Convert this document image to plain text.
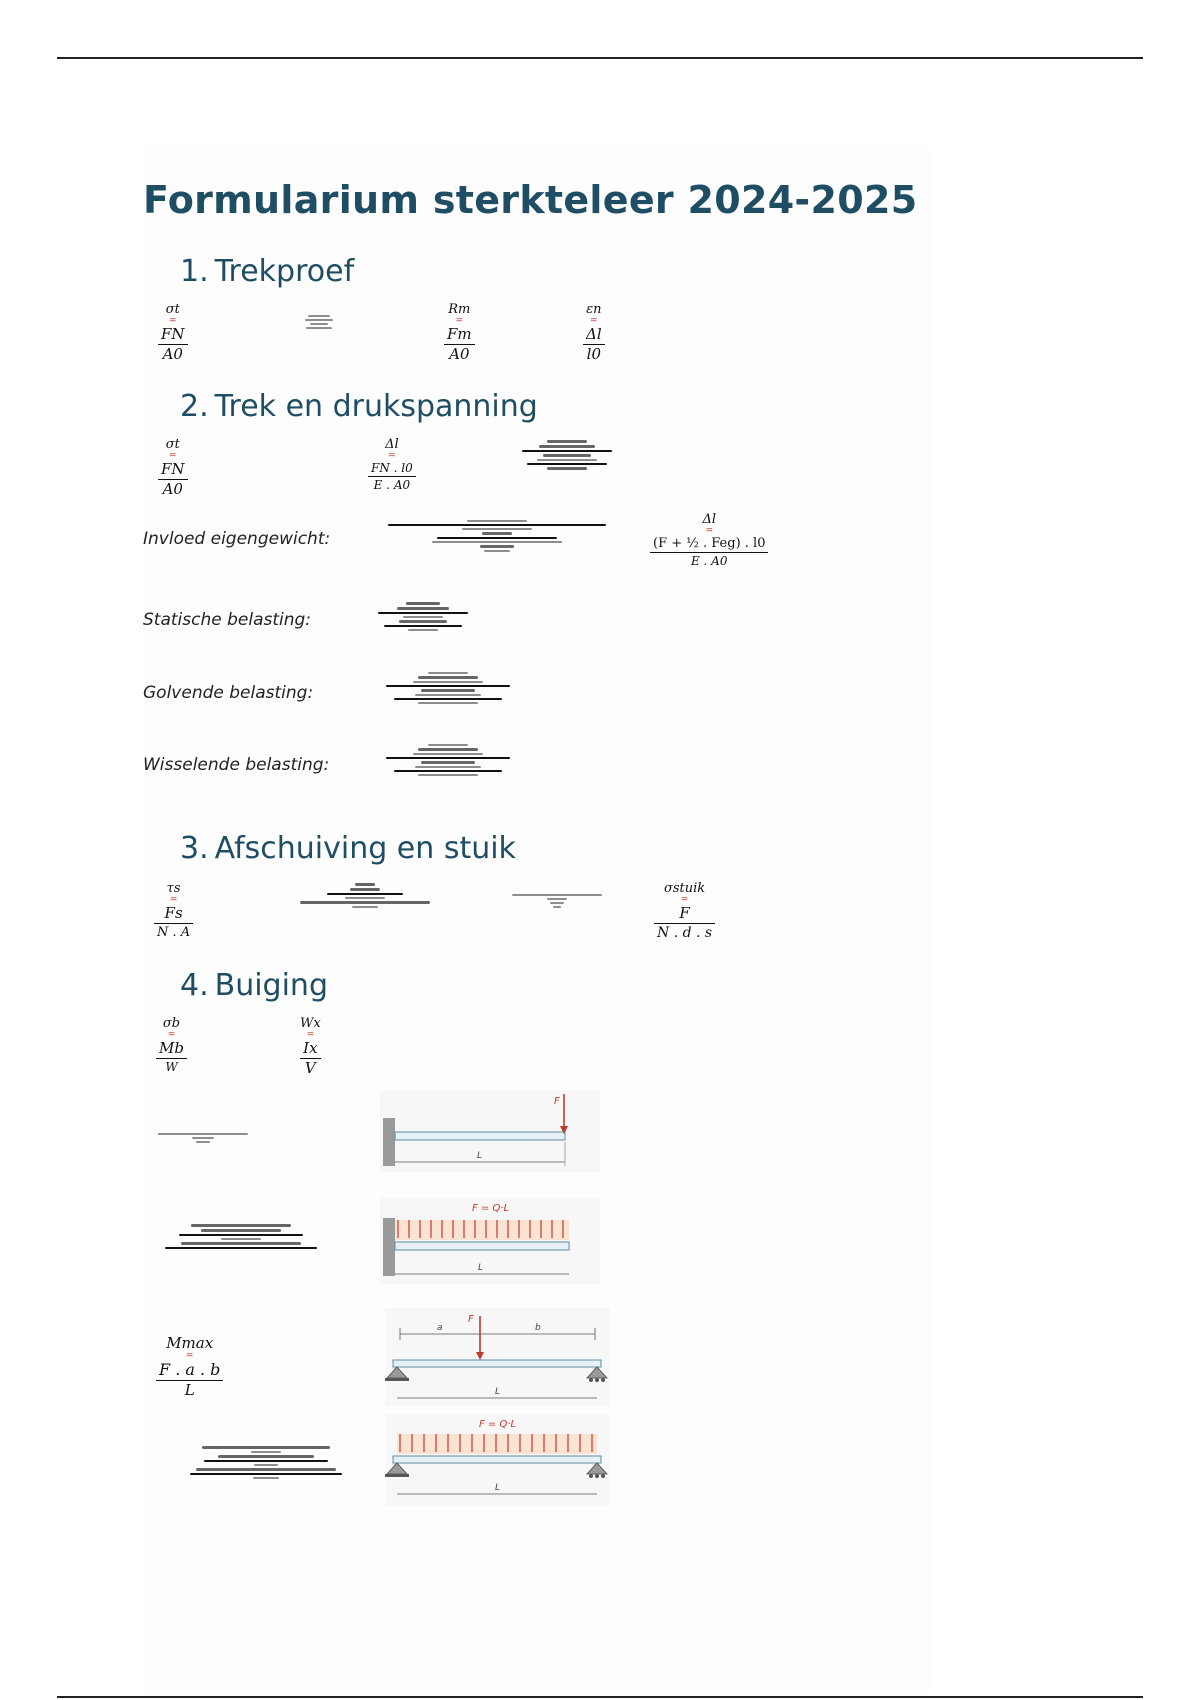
Formularium sterkteleer 2024-2025
1. Trekproef
σt
=
FN
A0
Rm
=
Fm
A0
εn
=
Δl
l0
2. Trek en drukspanning
σt
=
FN
A0
Δl
=
FN . l0
E . A0
Invloed eigengewicht:
Δl
=
(F + ½ . Feg) . l0
E . A0
Statische belasting:
Golvende belasting:
Wisselende belasting:
3. Afschuiving en stuik
τs
=
Fs
N . A
σstuik
=
F
N . d . s
4. Buiging
σb
=
Mb
W
Wx
=
Ix
V
F
L
F = Q·L
L
Mmax
=
F . a . b
L
a	b
F
L
F = Q·L
L
